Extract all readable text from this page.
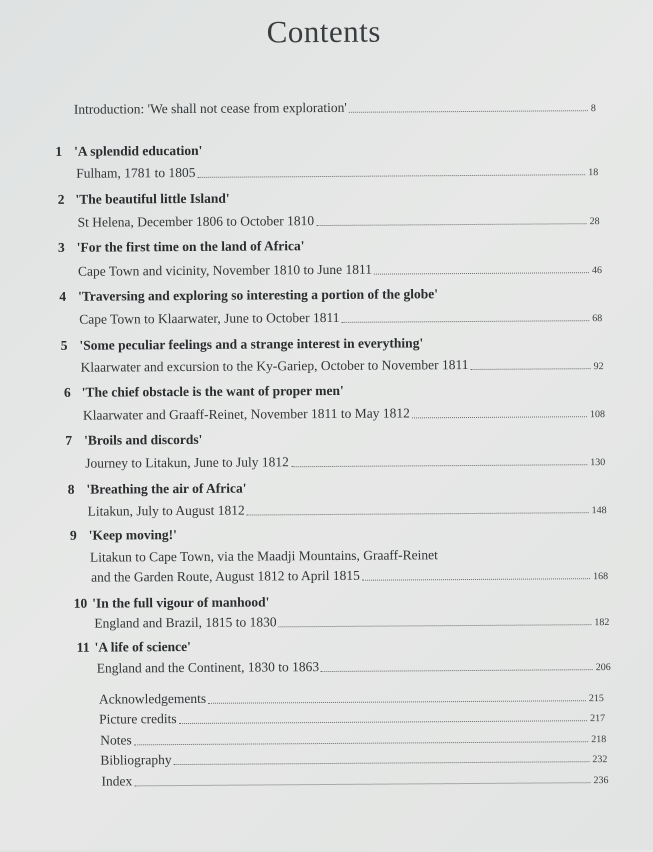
Contents
Introduction: 'We shall not cease from exploration'	8
1 'A splendid education'
Fulham, 1781 to 1805	18
2 'The beautiful little Island'
St Helena, December 1806 to October 1810	28
3 'For the first time on the land of Africa'
Cape Town and vicinity, November 1810 to June 1811	46
4 'Traversing and exploring so interesting a portion of the globe'
Cape Town to Klaarwater, June to October 1811	68
5 'Some peculiar feelings and a strange interest in everything'
Klaarwater and excursion to the Ky-Gariep, October to November 1811	92
6 'The chief obstacle is the want of proper men'
Klaarwater and Graaff-Reinet, November 1811 to May 1812	108
7 'Broils and discords'
Journey to Litakun, June to July 1812	130
8 'Breathing the air of Africa'
Litakun, July to August 1812	148
9 'Keep moving!'
Litakun to Cape Town, via the Maadji Mountains, Graaff-Reinet
and the Garden Route, August 1812 to April 1815	168
10 'In the full vigour of manhood'
England and Brazil, 1815 to 1830	182
11 'A life of science'
England and the Continent, 1830 to 1863	206
Acknowledgements	215
Picture credits	217
Notes	218
Bibliography	232
Index	236
